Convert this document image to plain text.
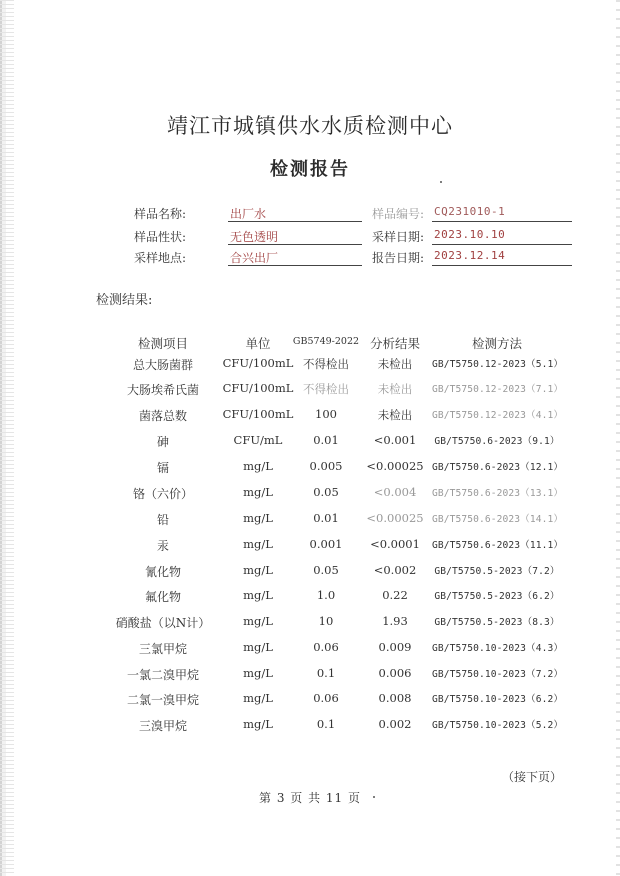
靖江市城镇供水水质检测中心
检测报告
样品名称:	出厂水	样品编号: CQ231010-1
样品性状:	无色透明	采样日期: 2023.10.10
采样地点:	合兴出厂	报告日期: 2023.12.14
检测结果:
检测项目	单位	GB5749-2022 分析结果	检测方法
总大肠菌群	CFU/100mL 不得检出	未检出	GB/T5750.12-2023（5.1）
大肠埃希氏菌	CFU/100mL 不得检出	未检出	GB/T5750.12-2023（7.1）
菌落总数	CFU/100mL	100	未检出	GB/T5750.12-2023（4.1）
砷	CFU/mL	0.01	<0.001	GB/T5750.6-2023（9.1）
镉	mg/L	0.005	<0.00025 GB/T5750.6-2023（12.1）
铬（六价）	mg/L	0.05	<0.004	GB/T5750.6-2023（13.1）
铅	mg/L	0.01	<0.00025 GB/T5750.6-2023（14.1）
汞	mg/L	0.001	<0.0001	GB/T5750.6-2023（11.1）
氰化物	mg/L	0.05	<0.002	GB/T5750.5-2023（7.2）
氟化物	mg/L	1.0	0.22	GB/T5750.5-2023（6.2）
硝酸盐（以N计）	mg/L	10	1.93	GB/T5750.5-2023（8.3）
三氯甲烷	mg/L	0.06	0.009	GB/T5750.10-2023（4.3）
一氯二溴甲烷	mg/L	0.1	0.006	GB/T5750.10-2023（7.2）
二氯一溴甲烷	mg/L	0.06	0.008	GB/T5750.10-2023（6.2）
三溴甲烷	mg/L	0.1	0.002	GB/T5750.10-2023（5.2）
（接下页）
第 3 页 共 11 页
